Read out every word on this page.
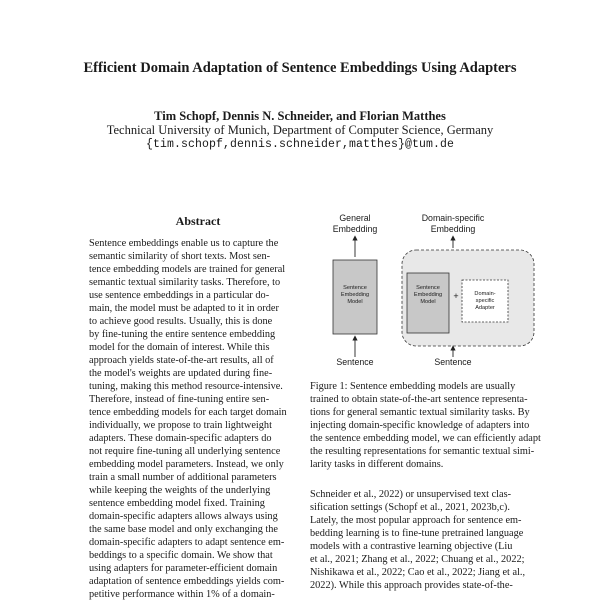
Efficient Domain Adaptation of Sentence Embeddings Using Adapters
Tim Schopf, Dennis N. Schneider, and Florian Matthes
Technical University of Munich, Department of Computer Science, Germany
{tim.schopf,dennis.schneider,matthes}@tum.de
Abstract
Sentence embeddings enable us to capture the
semantic similarity of short texts. Most sen-
tence embedding models are trained for general
semantic textual similarity tasks. Therefore, to
use sentence embeddings in a particular do-
main, the model must be adapted to it in order
to achieve good results. Usually, this is done
by fine-tuning the entire sentence embedding
model for the domain of interest. While this
approach yields state-of-the-art results, all of
the model's weights are updated during fine-
tuning, making this method resource-intensive.
Therefore, instead of fine-tuning entire sen-
tence embedding models for each target domain
individually, we propose to train lightweight
adapters. These domain-specific adapters do
not require fine-tuning all underlying sentence
embedding model parameters. Instead, we only
train a small number of additional parameters
while keeping the weights of the underlying
sentence embedding model fixed. Training
domain-specific adapters allows always using
the same base model and only exchanging the
domain-specific adapters to adapt sentence em-
beddings to a specific domain. We show that
using adapters for parameter-efficient domain
adaptation of sentence embeddings yields com-
petitive performance within 1% of a domain-
General
Embedding
Domain-specific
Embedding
Sentence
Embedding
Model
Sentence
Embedding
Model
+	Domain-
specific
Adapter
Sentence	Sentence
Figure 1: Sentence embedding models are usually
trained to obtain state-of-the-art sentence representa-
tions for general semantic textual similarity tasks. By
injecting domain-specific knowledge of adapters into
the sentence embedding model, we can efficiently adapt
the resulting representations for semantic textual simi-
larity tasks in different domains.
Schneider et al., 2022) or unsupervised text clas-
sification settings (Schopf et al., 2021, 2023b,c).
Lately, the most popular approach for sentence em-
bedding learning is to fine-tune pretrained language
models with a contrastive learning objective (Liu
et al., 2021; Zhang et al., 2022; Chuang et al., 2022;
Nishikawa et al., 2022; Cao et al., 2022; Jiang et al.,
2022). While this approach provides state-of-the-
